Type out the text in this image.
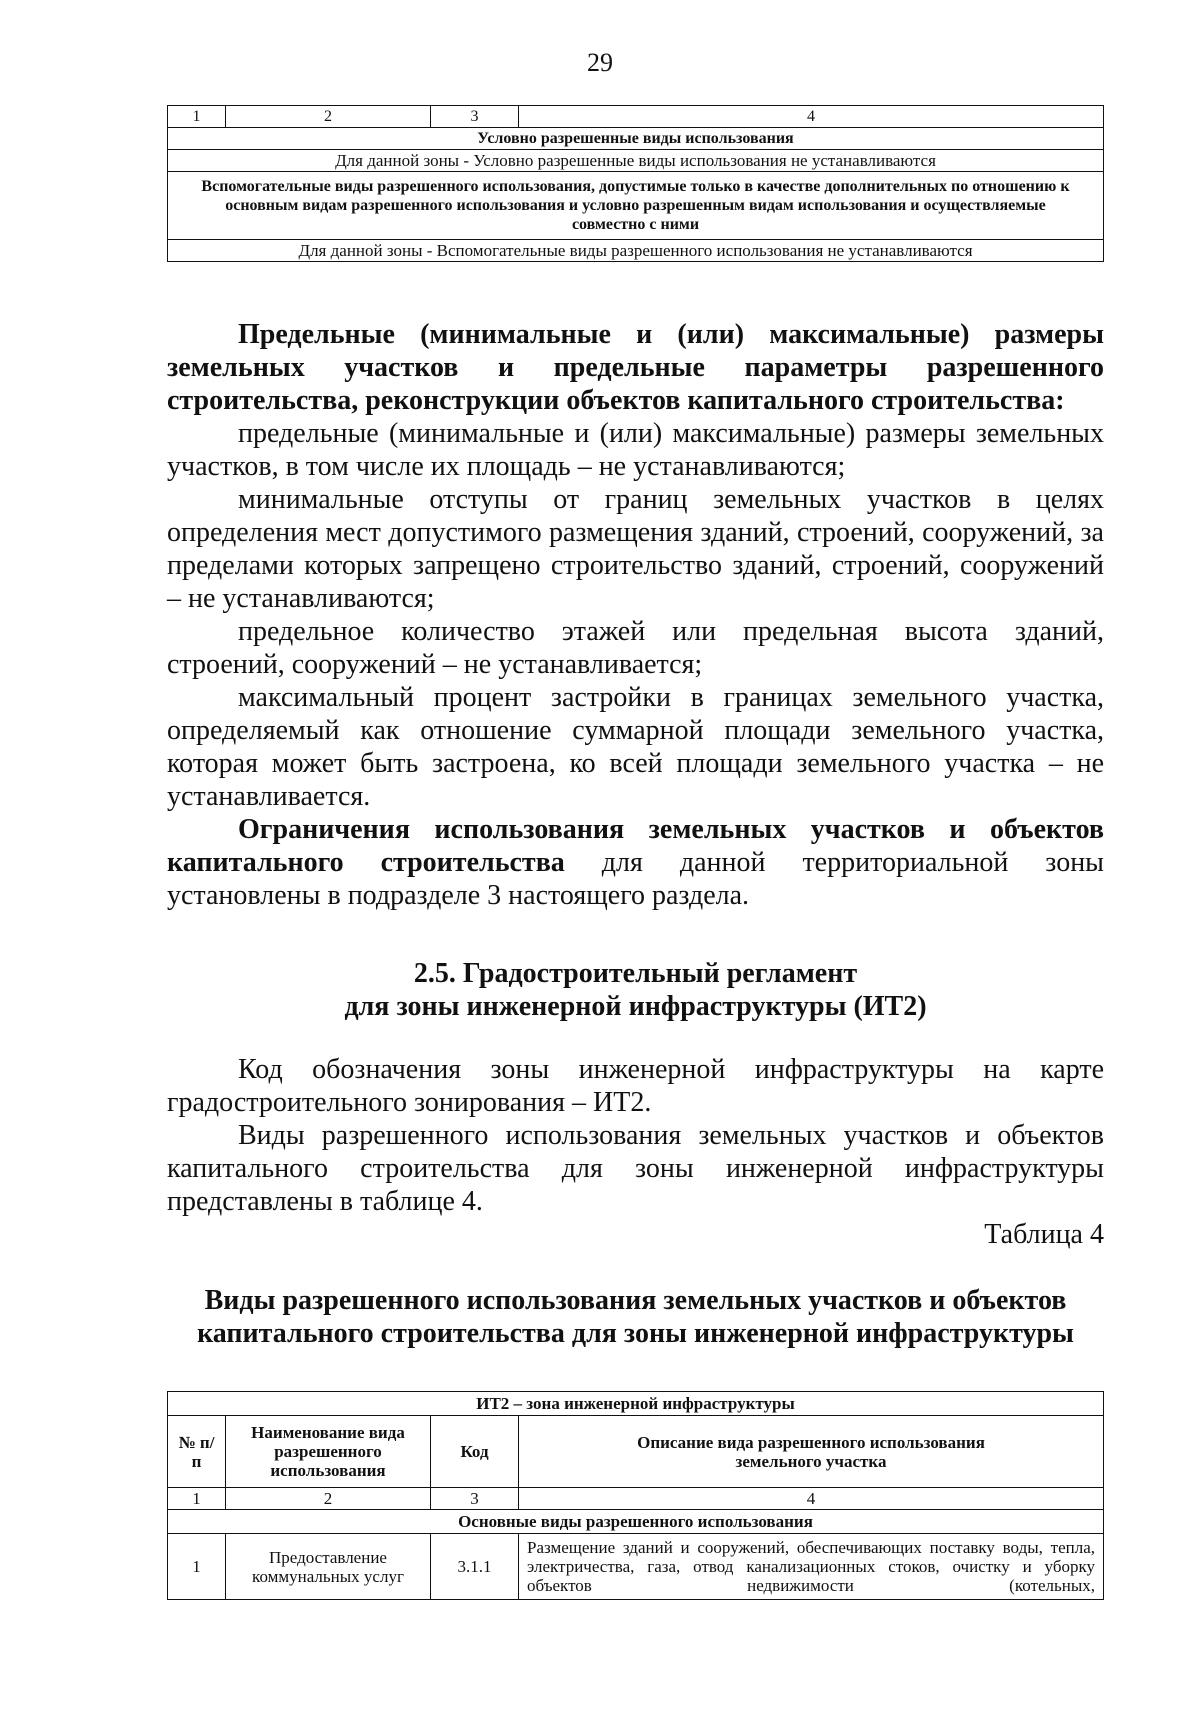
29
1	2	3	4
Условно разрешенные виды использования
Для данной зоны - Условно разрешенные виды использования не устанавливаются
Вспомогательные виды разрешенного использования, допустимые только в качестве дополнительных по отношению к основным видам разрешенного использования и условно разрешенным видам использования и осуществляемые совместно с ними
Для данной зоны - Вспомогательные виды разрешенного использования не устанавливаются

Предельные (минимальные и (или) максимальные) размеры земельных участков и предельные параметры разрешенного строительства, реконструкции объектов капитального строительства:

предельные (минимальные и (или) максимальные) размеры земельных участков, в том числе их площадь – не устанавливаются;

минимальные отступы от границ земельных участков в целях определения мест допустимого размещения зданий, строений, сооружений, за пределами которых запрещено строительство зданий, строений, сооружений – не устанавливаются;

предельное количество этажей или предельная высота зданий, строений, сооружений – не устанавливается;

максимальный процент застройки в границах земельного участка, определяемый как отношение суммарной площади земельного участка, которая может быть застроена, ко всей площади земельного участка – не устанавливается.

Ограничения использования земельных участков и объектов капитального строительства для данной территориальной зоны установлены в подразделе 3 настоящего раздела.

2.5. Градостроительный регламент

для зоны инженерной инфраструктуры (ИТ2)

Код обозначения зоны инженерной инфраструктуры на карте градостроительного зонирования – ИТ2.

Виды разрешенного использования земельных участков и объектов капитального строительства для зоны инженерной инфраструктуры представлены в таблице 4.

Таблица 4

Виды разрешенного использования земельных участков и объектов

капитального строительства для зоны инженерной инфраструктуры

ИТ2 – зона инженерной инфраструктуры			
№ п/п	Наименование вида разрешенного использования	Код	Описание вида разрешенного использования земельного участка
1	2	3	4
Основные виды разрешенного использования			
1	Предоставление коммунальных услуг	3.1.1	Размещение зданий и сооружений, обеспечивающих поставку воды, тепла, электричества, газа, отвод канализационных стоков, очистку и уборку объектов недвижимости (котельных,
